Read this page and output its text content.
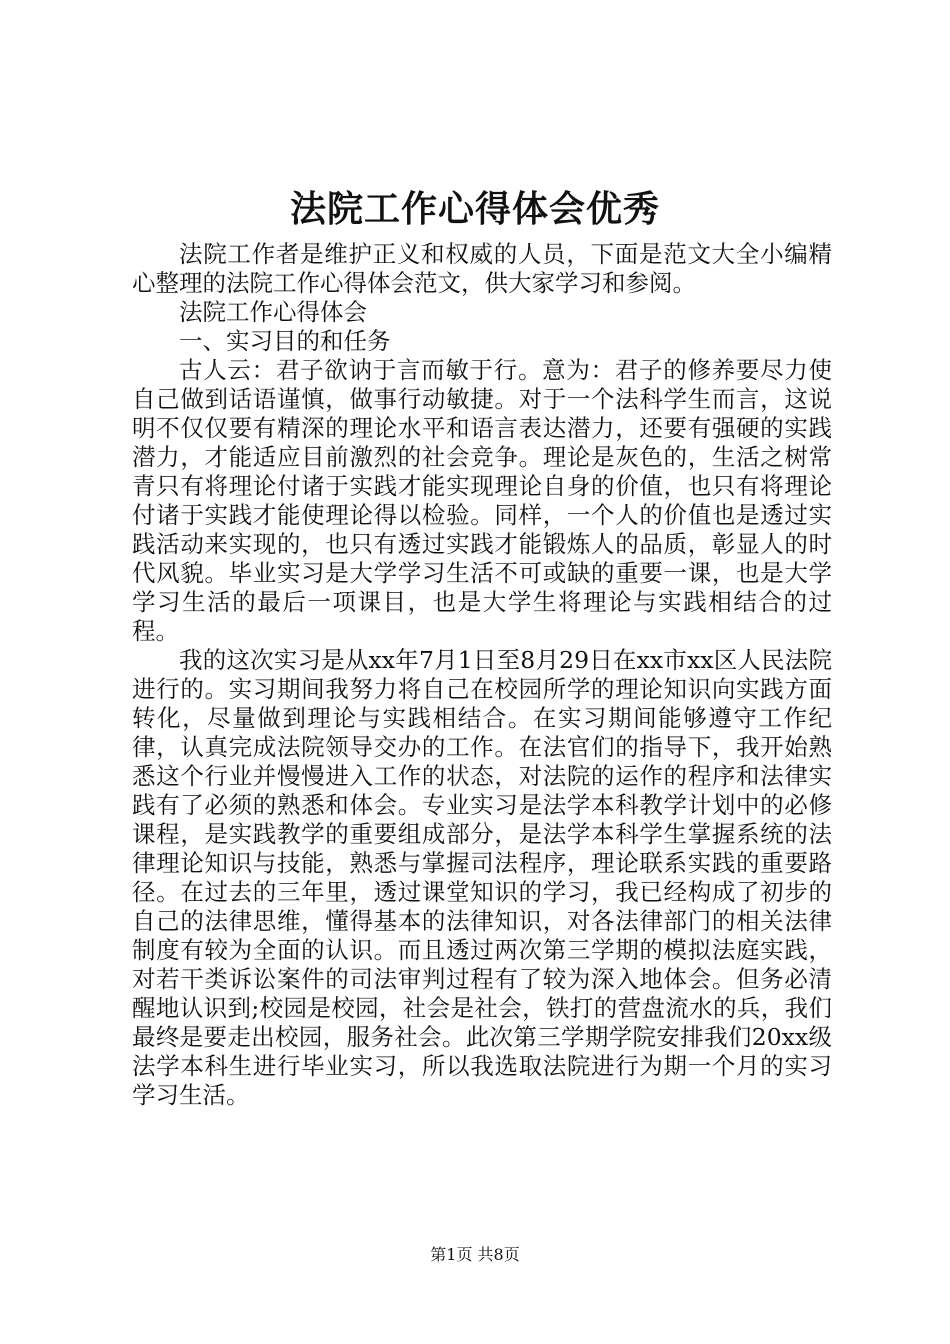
法院工作心得体会优秀

法院工作者是维护正义和权威的人员，下面是范文大全小编精心整理的法院工作心得体会范文，供大家学习和参阅。

法院工作心得体会

一、实习目的和任务

古人云：君子欲讷于言而敏于行。意为：君子的修养要尽力使自己做到话语谨慎，做事行动敏捷。对于一个法科学生而言，这说明不仅仅要有精深的理论水平和语言表达潜力，还要有强硬的实践潜力，才能适应目前激烈的社会竞争。理论是灰色的，生活之树常青只有将理论付诸于实践才能实现理论自身的价值，也只有将理论付诸于实践才能使理论得以检验。同样，一个人的价值也是透过实践活动来实现的，也只有透过实践才能锻炼人的品质，彰显人的时代风貌。毕业实习是大学学习生活不可或缺的重要一课，也是大学学习生活的最后一项课目，也是大学生将理论与实践相结合的过程。

我的这次实习是从xx年7月1日至8月29日在xx市xx区人民法院进行的。实习期间我努力将自己在校园所学的理论知识向实践方面转化，尽量做到理论与实践相结合。在实习期间能够遵守工作纪律，认真完成法院领导交办的工作。在法官们的指导下，我开始熟悉这个行业并慢慢进入工作的状态，对法院的运作的程序和法律实践有了必须的熟悉和体会。专业实习是法学本科教学计划中的必修课程，是实践教学的重要组成部分，是法学本科学生掌握系统的法律理论知识与技能，熟悉与掌握司法程序，理论联系实践的重要路径。在过去的三年里，透过课堂知识的学习，我已经构成了初步的自己的法律思维，懂得基本的法律知识，对各法律部门的相关法律制度有较为全面的认识。而且透过两次第三学期的模拟法庭实践，对若干类诉讼案件的司法审判过程有了较为深入地体会。但务必清醒地认识到;校园是校园，社会是社会，铁打的营盘流水的兵，我们最终是要走出校园，服务社会。此次第三学期学院安排我们20xx级法学本科生进行毕业实习，所以我选取法院进行为期一个月的实习学习生活。

第1页 共8页
